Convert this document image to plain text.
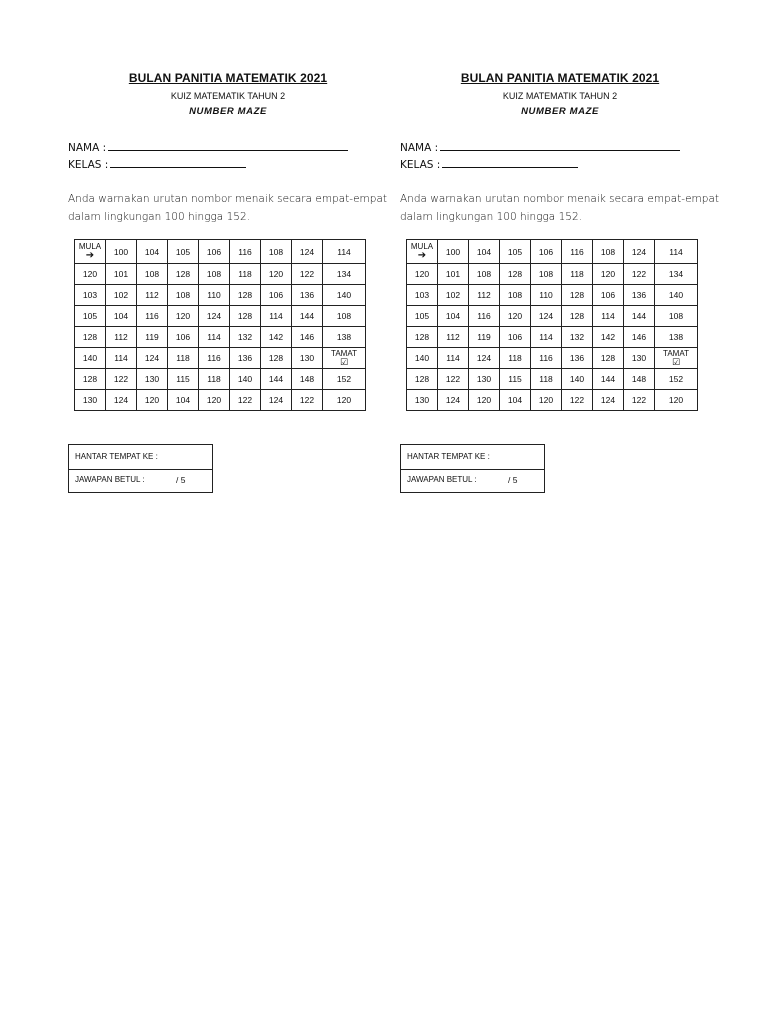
BULAN PANITIA MATEMATIK 2021
KUIZ MATEMATIK TAHUN 2
NUMBER MAZE
NAMA :
KELAS :
Anda warnakan urutan nombor menaik secara empat-empat
dalam lingkungan 100 hingga 152.
MULA
➔	100	104	105	106	116	108	124	114
120	101	108	128	108	118	120	122	134
103	102	112	108	110	128	106	136	140
105	104	116	120	124	128	114	144	108
128	112	119	106	114	132	142	146	138
140	114	124	118	116	136	128	130	TAMAT
☑

128	122	130	115	118	140	144	148	152
130	124	120	104	120	122	124	122	120
HANTAR TEMPAT KE :
JAWAPAN BETUL :	/ 5
BULAN PANITIA MATEMATIK 2021
KUIZ MATEMATIK TAHUN 2
NUMBER MAZE
NAMA :
KELAS :
Anda warnakan urutan nombor menaik secara empat-empat
dalam lingkungan 100 hingga 152.
MULA
➔	100	104	105	106	116	108	124	114
120	101	108	128	108	118	120	122	134
103	102	112	108	110	128	106	136	140
105	104	116	120	124	128	114	144	108
128	112	119	106	114	132	142	146	138
140	114	124	118	116	136	128	130	TAMAT
☑

128	122	130	115	118	140	144	148	152
130	124	120	104	120	122	124	122	120
HANTAR TEMPAT KE :
JAWAPAN BETUL :	/ 5
